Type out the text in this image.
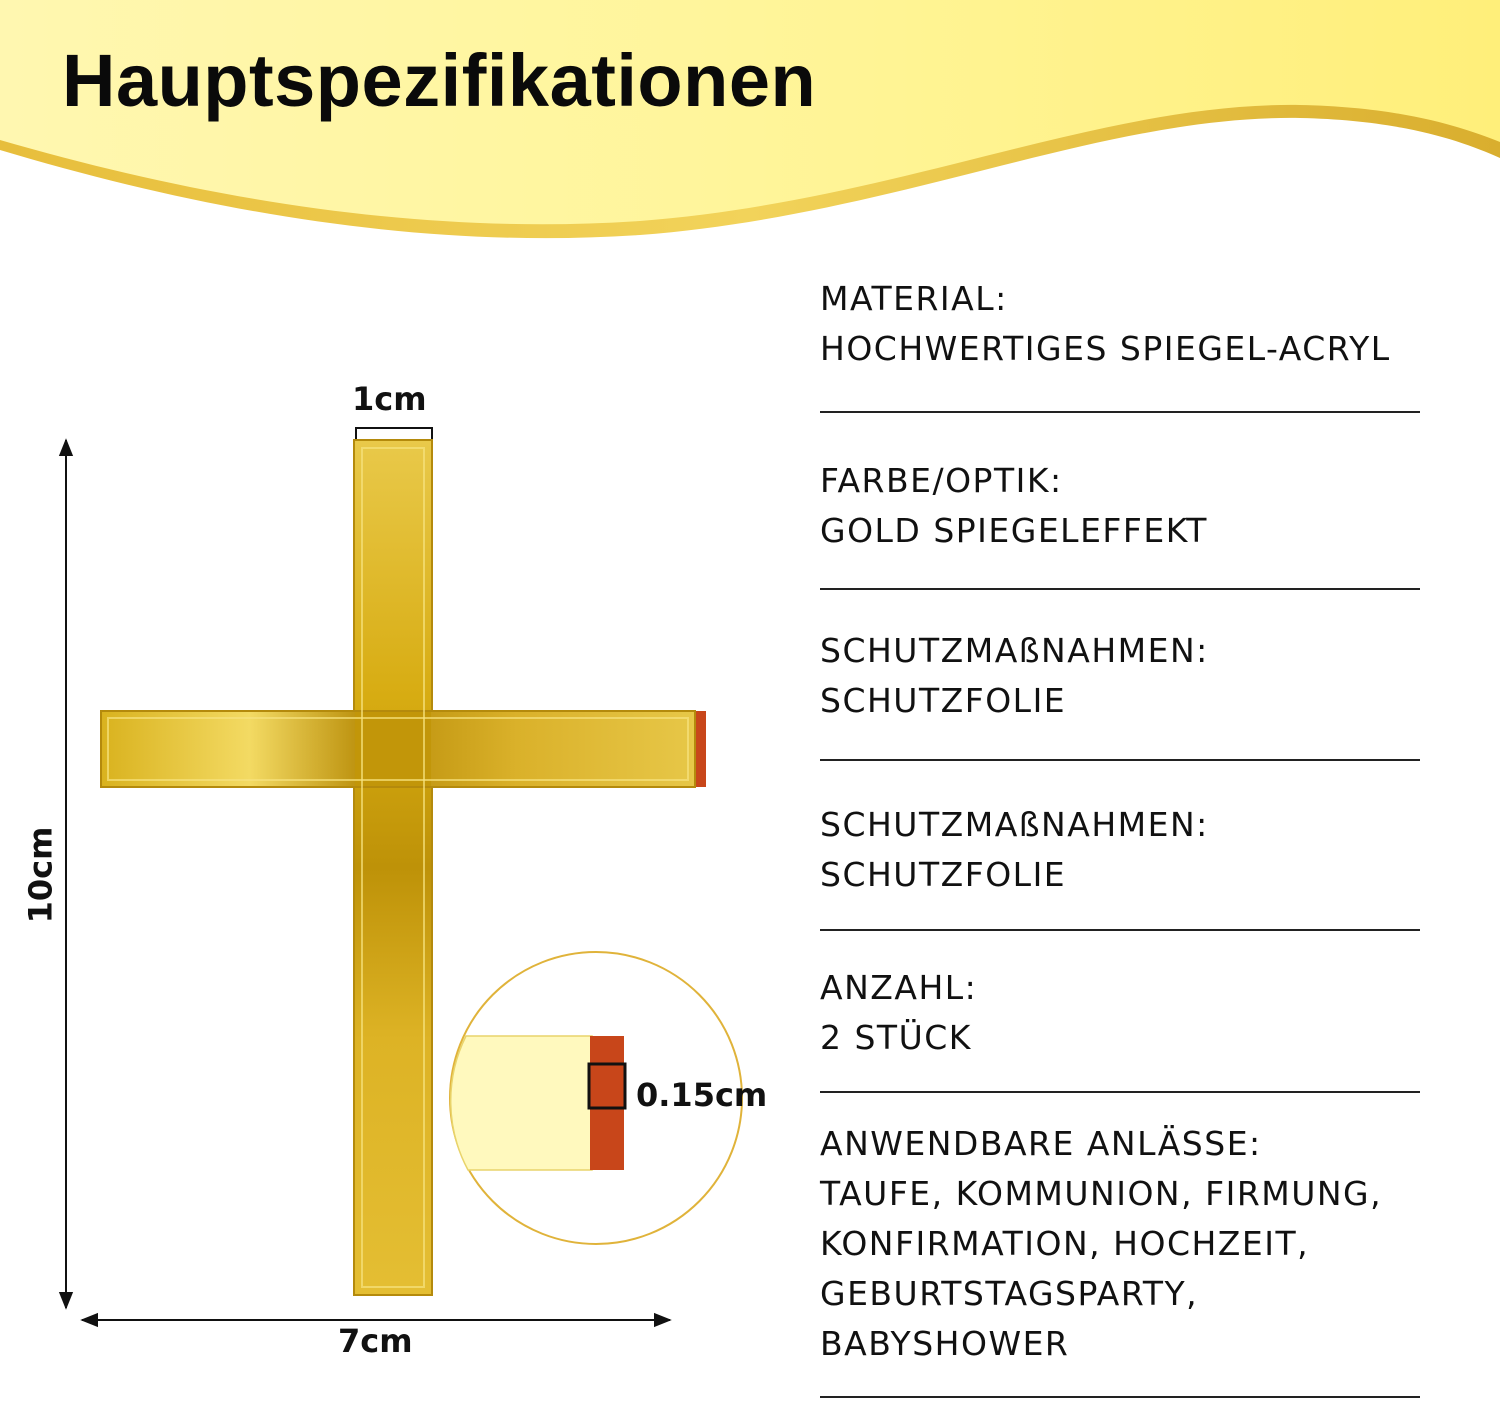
Hauptspezifikationen
1cm
10cm
7cm
0.15cm
MATERIAL:
HOCHWERTIGES SPIEGEL-ACRYL
FARBE/OPTIK:
GOLD SPIEGELEFFEKT
SCHUTZMAßNAHMEN:
SCHUTZFOLIE
SCHUTZMAßNAHMEN:
SCHUTZFOLIE
ANZAHL:
2 STÜCK
ANWENDBARE ANLÄSSE:
TAUFE, KOMMUNION, FIRMUNG,
KONFIRMATION, HOCHZEIT,
GEBURTSTAGSPARTY,
BABYSHOWER
